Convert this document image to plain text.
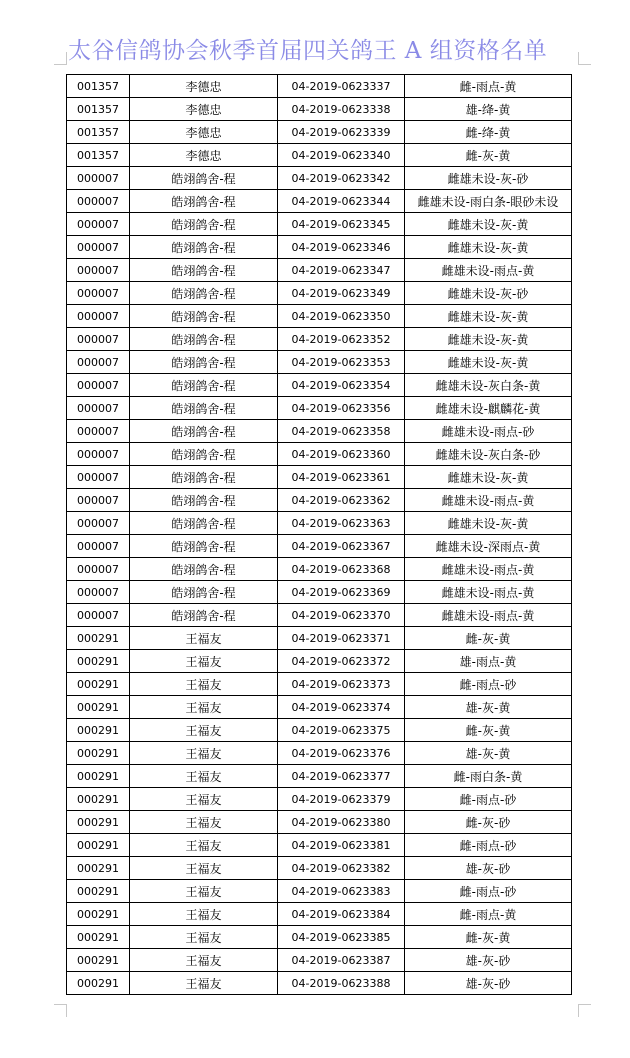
太谷信鸽协会秋季首届四关鸽王 A 组资格名单
001357	李德忠	04-2019-0623337	雌-雨点-黄
001357	李德忠	04-2019-0623338	雄-绛-黄
001357	李德忠	04-2019-0623339	雌-绛-黄
001357	李德忠	04-2019-0623340	雌-灰-黄
000007	皓翊鸽舍-程	04-2019-0623342	雌雄未设-灰-砂
000007	皓翊鸽舍-程	04-2019-0623344	雌雄未设-雨白条-眼砂未设
000007	皓翊鸽舍-程	04-2019-0623345	雌雄未设-灰-黄
000007	皓翊鸽舍-程	04-2019-0623346	雌雄未设-灰-黄
000007	皓翊鸽舍-程	04-2019-0623347	雌雄未设-雨点-黄
000007	皓翊鸽舍-程	04-2019-0623349	雌雄未设-灰-砂
000007	皓翊鸽舍-程	04-2019-0623350	雌雄未设-灰-黄
000007	皓翊鸽舍-程	04-2019-0623352	雌雄未设-灰-黄
000007	皓翊鸽舍-程	04-2019-0623353	雌雄未设-灰-黄
000007	皓翊鸽舍-程	04-2019-0623354	雌雄未设-灰白条-黄
000007	皓翊鸽舍-程	04-2019-0623356	雌雄未设-麒麟花-黄
000007	皓翊鸽舍-程	04-2019-0623358	雌雄未设-雨点-砂
000007	皓翊鸽舍-程	04-2019-0623360	雌雄未设-灰白条-砂
000007	皓翊鸽舍-程	04-2019-0623361	雌雄未设-灰-黄
000007	皓翊鸽舍-程	04-2019-0623362	雌雄未设-雨点-黄
000007	皓翊鸽舍-程	04-2019-0623363	雌雄未设-灰-黄
000007	皓翊鸽舍-程	04-2019-0623367	雌雄未设-深雨点-黄
000007	皓翊鸽舍-程	04-2019-0623368	雌雄未设-雨点-黄
000007	皓翊鸽舍-程	04-2019-0623369	雌雄未设-雨点-黄
000007	皓翊鸽舍-程	04-2019-0623370	雌雄未设-雨点-黄
000291	王福友	04-2019-0623371	雌-灰-黄
000291	王福友	04-2019-0623372	雄-雨点-黄
000291	王福友	04-2019-0623373	雌-雨点-砂
000291	王福友	04-2019-0623374	雄-灰-黄
000291	王福友	04-2019-0623375	雌-灰-黄
000291	王福友	04-2019-0623376	雄-灰-黄
000291	王福友	04-2019-0623377	雌-雨白条-黄
000291	王福友	04-2019-0623379	雌-雨点-砂
000291	王福友	04-2019-0623380	雌-灰-砂
000291	王福友	04-2019-0623381	雌-雨点-砂
000291	王福友	04-2019-0623382	雄-灰-砂
000291	王福友	04-2019-0623383	雌-雨点-砂
000291	王福友	04-2019-0623384	雌-雨点-黄
000291	王福友	04-2019-0623385	雌-灰-黄
000291	王福友	04-2019-0623387	雄-灰-砂
000291	王福友	04-2019-0623388	雄-灰-砂
